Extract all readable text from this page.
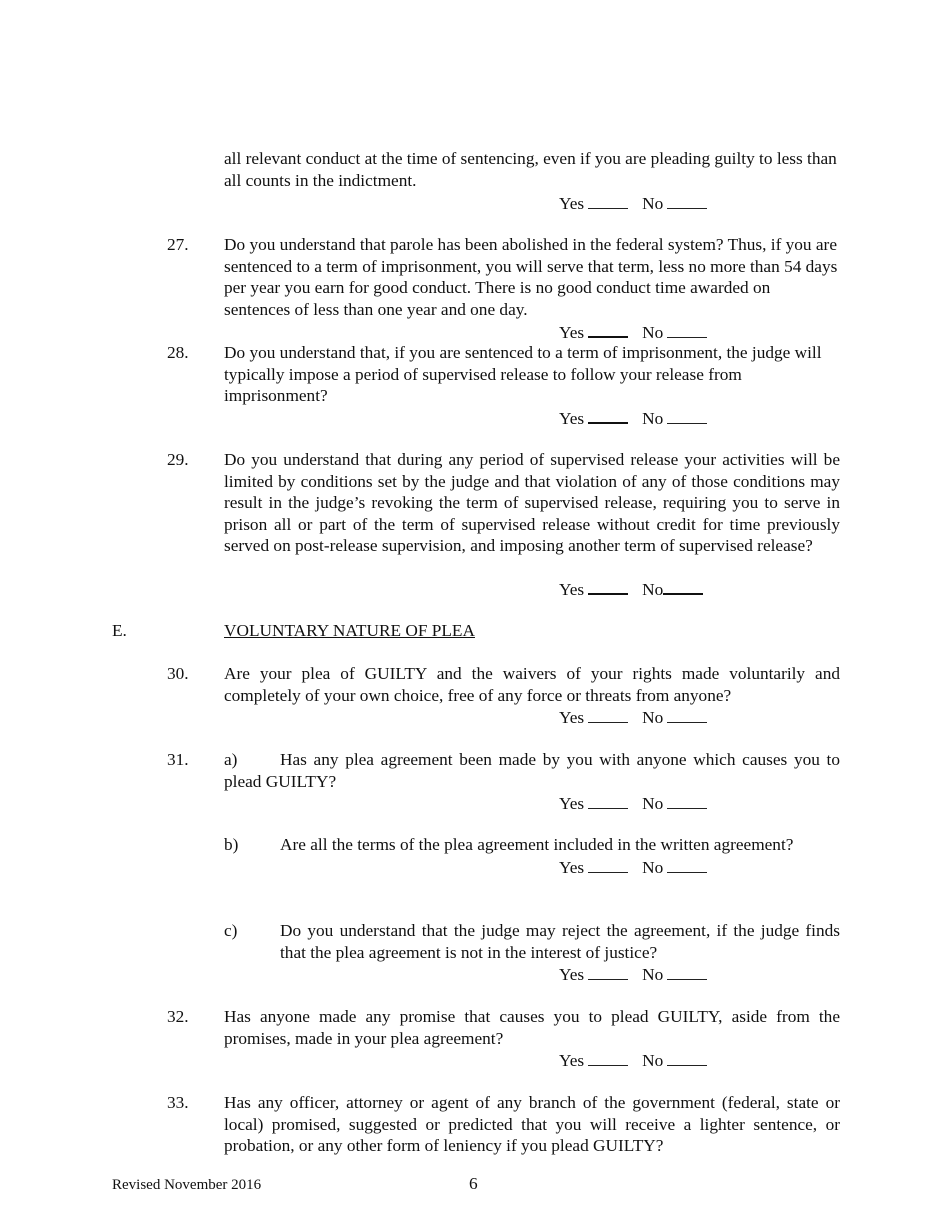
all relevant conduct at the time of sentencing, even if you are pleading guilty to less than all counts in the indictment.
Yes	No
27. Do you understand that parole has been abolished in the federal system? Thus, if you are sentenced to a term of imprisonment, you will serve that term, less no more than 54 days per year you earn for good conduct. There is no good conduct time awarded on sentences of less than one year and one day.
Yes	No
28. Do you understand that, if you are sentenced to a term of imprisonment, the judge will typically impose a period of supervised release to follow your release from imprisonment?
Yes	No
29. Do you understand that during any period of supervised release your activities will be limited by conditions set by the judge and that violation of any of those conditions may result in the judge’s revoking the term of supervised release, requiring you to serve in prison all or part of the term of supervised release without credit for time previously served on post-release supervision, and imposing another term of supervised release?
Yes	No
E.	VOLUNTARY NATURE OF PLEA
30. Are your plea of GUILTY and the waivers of your rights made voluntarily and completely of your own choice, free of any force or threats from anyone?
Yes	No
31.	Has any plea agreement been made by you with anyone which causes you to plead GUILTY?
a)
Yes	No
b) Are all the terms of the plea agreement included in the written agreement?
Yes	No
c) Do you understand that the judge may reject the agreement, if the judge finds that the plea agreement is not in the interest of justice?
Yes	No
32. Has anyone made any promise that causes you to plead GUILTY, aside from the promises, made in your plea agreement?
Yes	No
33. Has any officer, attorney or agent of any branch of the government (federal, state or local) promised, suggested or predicted that you will receive a lighter sentence, or probation, or any other form of leniency if you plead GUILTY?
Revised November 2016	6
